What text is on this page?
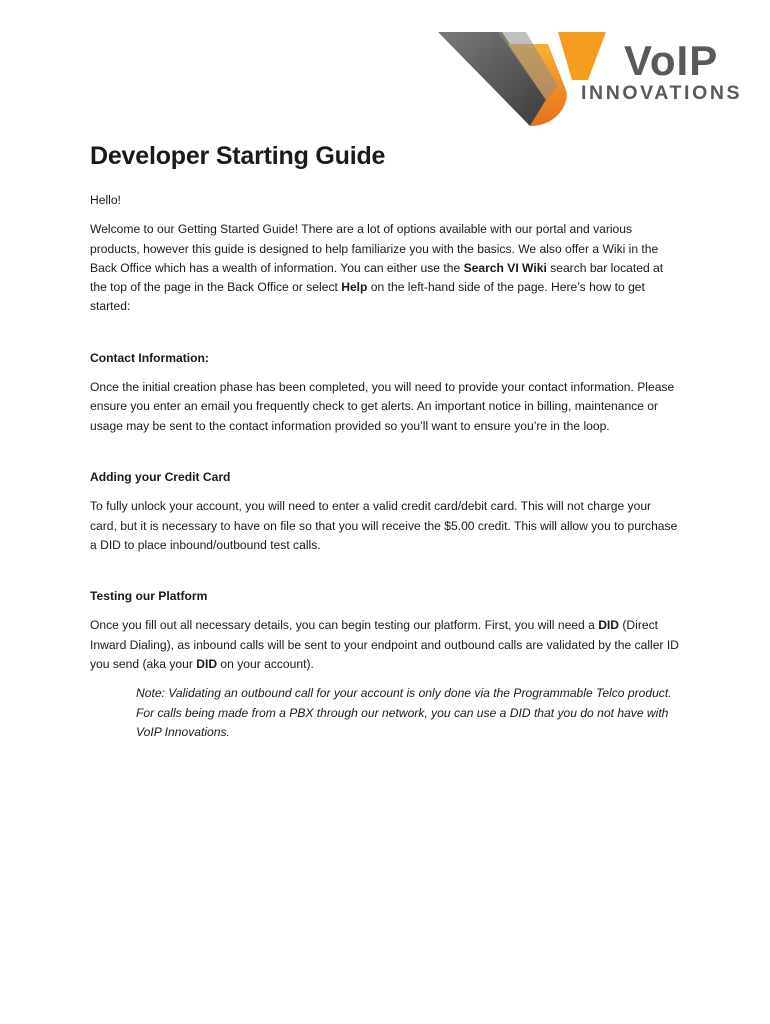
VoIP
INNOVATIONS
Developer Starting Guide

Hello!

Welcome to our Getting Started Guide! There are a lot of options available with our portal and various products, however this guide is designed to help familiarize you with the basics. We also offer a Wiki in the Back Office which has a wealth of information. You can either use the Search VI Wiki search bar located at the top of the page in the Back Office or select Help on the left-hand side of the page. Here’s how to get started:

Contact Information:

Once the initial creation phase has been completed, you will need to provide your contact information. Please ensure you enter an email you frequently check to get alerts. An important notice in billing, maintenance or usage may be sent to the contact information provided so you’ll want to ensure you’re in the loop.

Adding your Credit Card

To fully unlock your account, you will need to enter a valid credit card/debit card. This will not charge your card, but it is necessary to have on file so that you will receive the $5.00 credit. This will allow you to purchase a DID to place inbound/outbound test calls.

Testing our Platform

Once you fill out all necessary details, you can begin testing our platform. First, you will need a DID (Direct Inward Dialing), as inbound calls will be sent to your endpoint and outbound calls are validated by the caller ID you send (aka your DID on your account).

Note: Validating an outbound call for your account is only done via the Programmable Telco product. For calls being made from a PBX through our network, you can use a DID that you do not have with VoIP Innovations.
